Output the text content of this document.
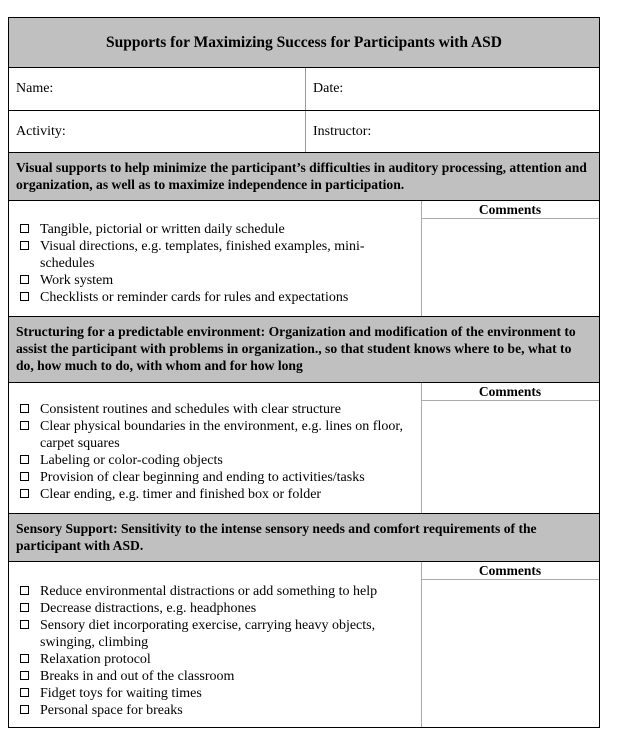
Supports for Maximizing Success for Participants with ASD
Name:	Date:
Activity:	Instructor:
Visual supports to help minimize the participant’s difficulties in auditory processing, attention and organization, as well as to maximize independence in participation.
Comments
Tangible, pictorial or written daily schedule
Visual directions, e.g. templates, finished examples, mini-schedules
Work system
Checklists or reminder cards for rules and expectations
Structuring for a predictable environment: Organization and modification of the environment to assist the participant with problems in organization., so that student knows where to be, what to do, how much to do, with whom and for how long
Comments
Consistent routines and schedules with clear structure
Clear physical boundaries in the environment, e.g. lines on floor, carpet squares
Labeling or color-coding objects
Provision of clear beginning and ending to activities/tasks
Clear ending, e.g. timer and finished box or folder
Sensory Support: Sensitivity to the intense sensory needs and comfort requirements of the participant with ASD.
Comments
Reduce environmental distractions or add something to help
Decrease distractions, e.g. headphones
Sensory diet incorporating exercise, carrying heavy objects, swinging, climbing
Relaxation protocol
Breaks in and out of the classroom
Fidget toys for waiting times
Personal space for breaks
